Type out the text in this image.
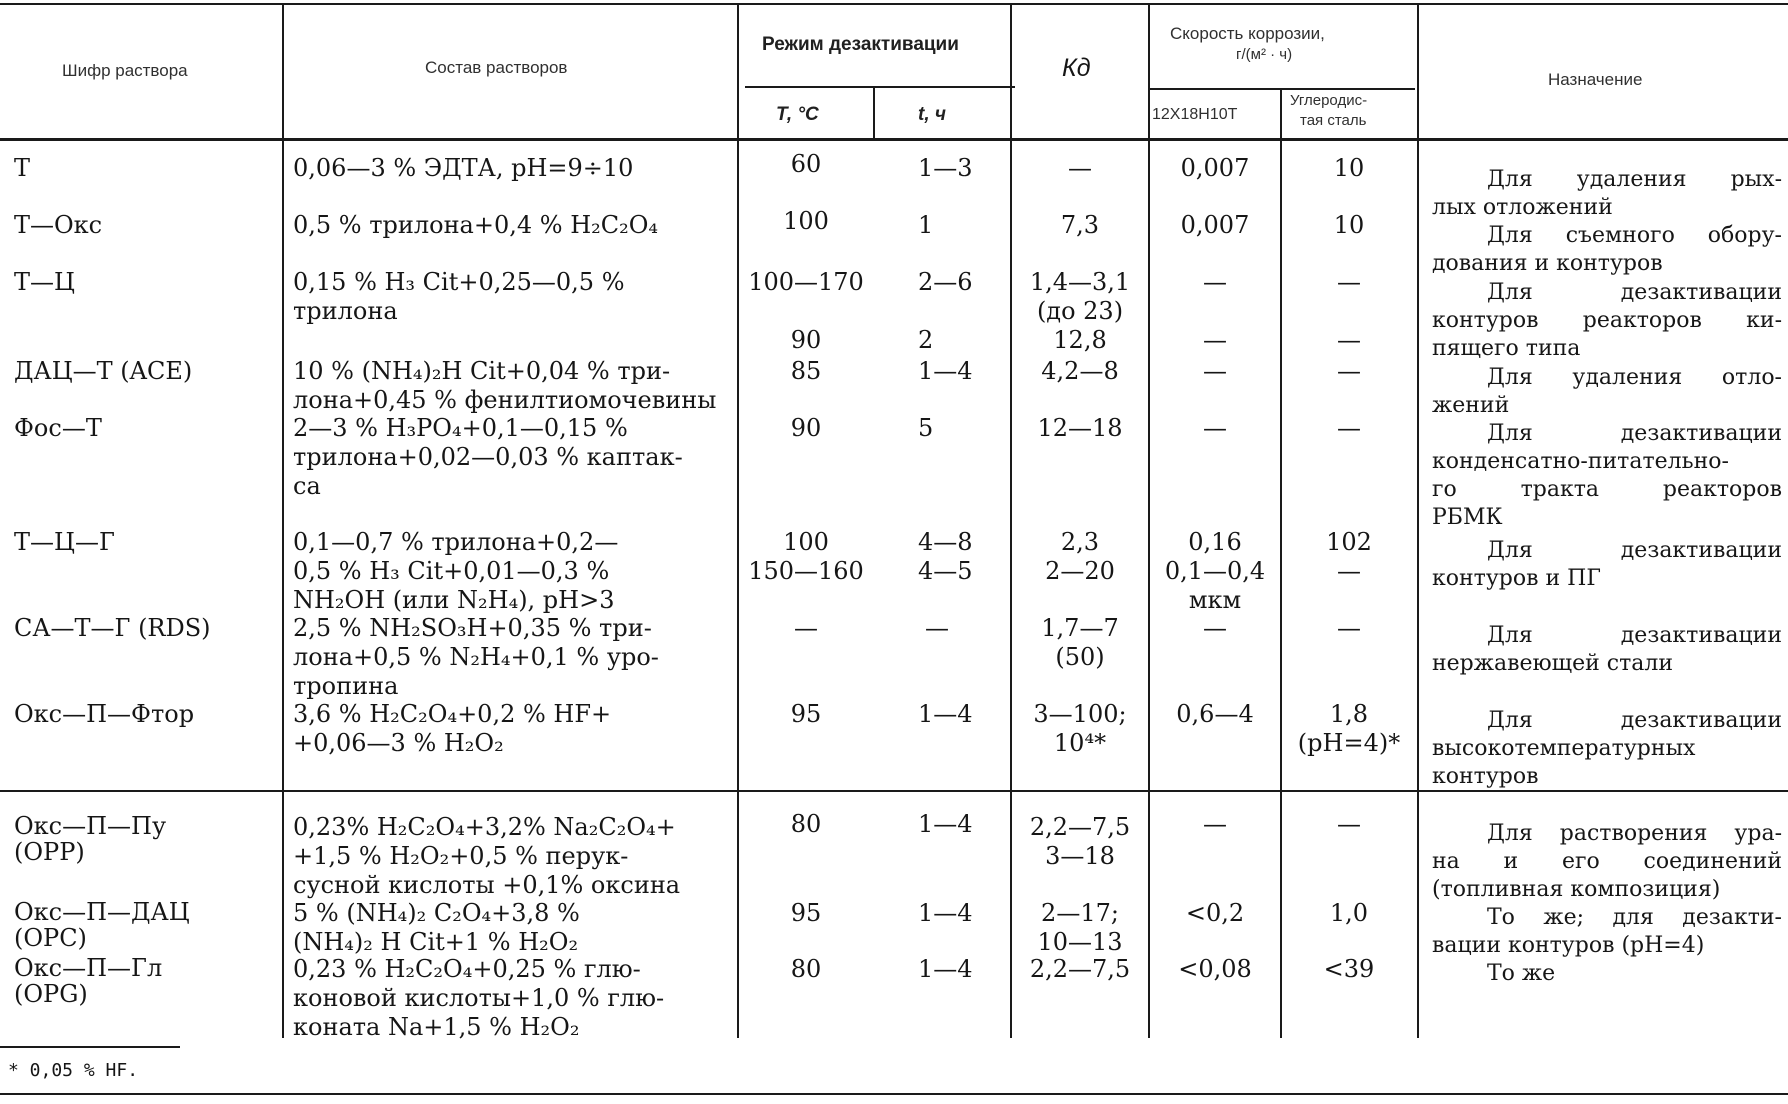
Шифр раствора	Состав растворов
Режим дезактивации
Т, °С	t, ч
Кд
Скорость коррозии,
г/(м² · ч)
12Х18Н10Т
Углеродис-
тая сталь
Назначение
Т
Т—Окс
Т—Ц
ДАЦ—Т (ACE)
Фос—Т
Т—Ц—Г
СА—Т—Г (RDS)
Окс—П—Фтор
Окс—П—Пу
(OPP)
Окс—П—ДАЦ
(OPC)
Окс—П—Гл
(OPG)
0,06—3 % ЭДТА, pH=9÷10
0,5 % трилона+0,4 % H₂C₂O₄
0,15 % H₃ Cit+0,25—0,5 %
трилона
10 % (NH₄)₂H Cit+0,04 % три-
лона+0,45 % фенилтиомочевины
2—3 % H₃PO₄+0,1—0,15 %
трилона+0,02—0,03 % каптак-
са
0,1—0,7 % трилона+0,2—
0,5 % H₃ Cit+0,01—0,3 %
NH₂OH (или N₂H₄), pH>3
2,5 % NH₂SO₃H+0,35 % три-
лона+0,5 % N₂H₄+0,1 % уро-
тропина
3,6 % H₂C₂O₄+0,2 % HF+
+0,06—3 % H₂O₂
0,23% H₂C₂O₄+3,2% Na₂C₂O₄+
+1,5 % H₂O₂+0,5 % перук-
сусной кислоты +0,1% оксина
5 % (NH₄)₂ C₂O₄+3,8 %
(NH₄)₂ H Cit+1 % H₂O₂
0,23 % H₂C₂O₄+0,25 % глю-
коновой кислоты+1,0 % глю-
коната Na+1,5 % H₂O₂
60
100
100—170

90
85
90
100
150—160
—
95
80
95
80
1—3
1
2—6

2
1—4
5
4—8
4—5
—
1—4
1—4
1—4
1—4
—
7,3
1,4—3,1
(до 23)
12,8
4,2—8
12—18
2,3
2—20
1,7—7
(50)
3—100;
10⁴*
2,2—7,5
3—18
2—17;
10—13
2,2—7,5
0,007
0,007
—

—
—
—
0,16
0,1—0,4
мкм
—
0,6—4
—
<0,2
<0,08
10
10
—

—
—
—
102
—
—
1,8
(pH=4)*
—
1,0
<39
Для удаления рых-
лых отложений
Для съемного обору-
дования и контуров
Для дезактивации
контуров реакторов ки-
пящего типа
Для удаления отло-
жений
Для дезактивации
конденсатно-питательно-
го тракта реакторов
РБМК
Для дезактивации
контуров и ПГ
Для дезактивации
нержавеющей стали
Для дезактивации
высокотемпературных
контуров
Для растворения ура-
на и его соединений
(топливная композиция)
То же; для дезакти-
вации контуров (pH=4)
То же
* 0,05 % HF.
